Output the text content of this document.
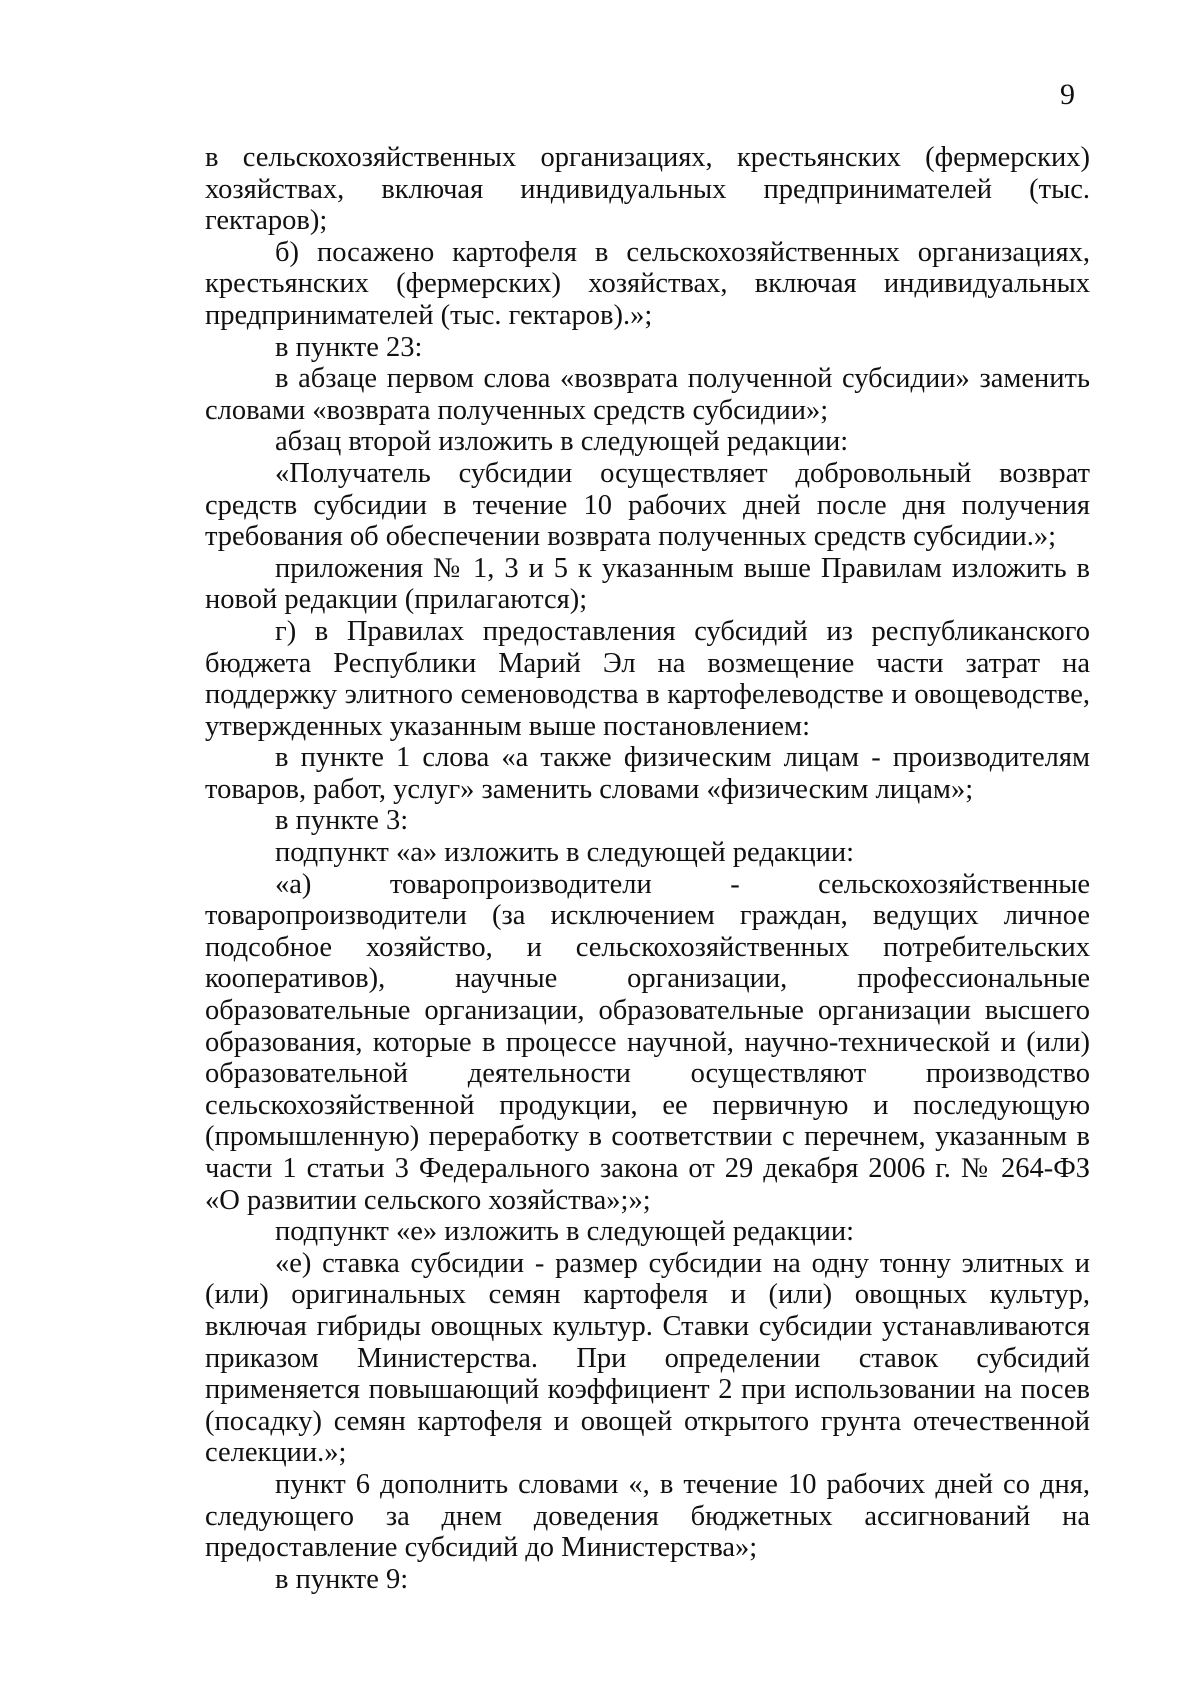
9

в сельскохозяйственных организациях, крестьянских (фермерских) хозяйствах, включая индивидуальных предпринимателей (тыс. гектаров);

б) посажено картофеля в сельскохозяйственных организациях, крестьянских (фермерских) хозяйствах, включая индивидуальных предпринимателей (тыс. гектаров).»;

в пункте 23:

в абзаце первом слова «возврата полученной субсидии» заменить словами «возврата полученных средств субсидии»;

абзац второй изложить в следующей редакции:

«Получатель субсидии осуществляет добровольный возврат средств субсидии в течение 10 рабочих дней после дня получения требования об обеспечении возврата полученных средств субсидии.»;

приложения № 1, 3 и 5 к указанным выше Правилам изложить в новой редакции (прилагаются);

г) в Правилах предоставления субсидий из республиканского бюджета Республики Марий Эл на возмещение части затрат на поддержку элитного семеноводства в картофелеводстве и овощеводстве, утвержденных указанным выше постановлением:

в пункте 1 слова «а также физическим лицам - производителям товаров, работ, услуг» заменить словами «физическим лицам»;

в пункте 3:

подпункт «а» изложить в следующей редакции:

«а) товаропроизводители - сельскохозяйственные товаропроизводители (за исключением граждан, ведущих личное подсобное хозяйство, и сельскохозяйственных потребительских кооперативов), научные организации, профессиональные образовательные организации, образовательные организации высшего образования, которые в процессе научной, научно-технической и (или) образовательной деятельности осуществляют производство сельскохозяйственной продукции, ее первичную и последующую (промышленную) переработку в соответствии с перечнем, указанным в части 1 статьи 3 Федерального закона от 29 декабря 2006 г. № 264-ФЗ «О развитии сельского хозяйства»;»;

подпункт «е» изложить в следующей редакции:

«е) ставка субсидии - размер субсидии на одну тонну элитных и (или) оригинальных семян картофеля и (или) овощных культур, включая гибриды овощных культур. Ставки субсидии устанавливаются приказом Министерства. При определении ставок субсидий применяется повышающий коэффициент 2 при использовании на посев (посадку) семян картофеля и овощей открытого грунта отечественной селекции.»;

пункт 6 дополнить словами «, в течение 10 рабочих дней со дня, следующего за днем доведения бюджетных ассигнований на предоставление субсидий до Министерства»;

в пункте 9:
